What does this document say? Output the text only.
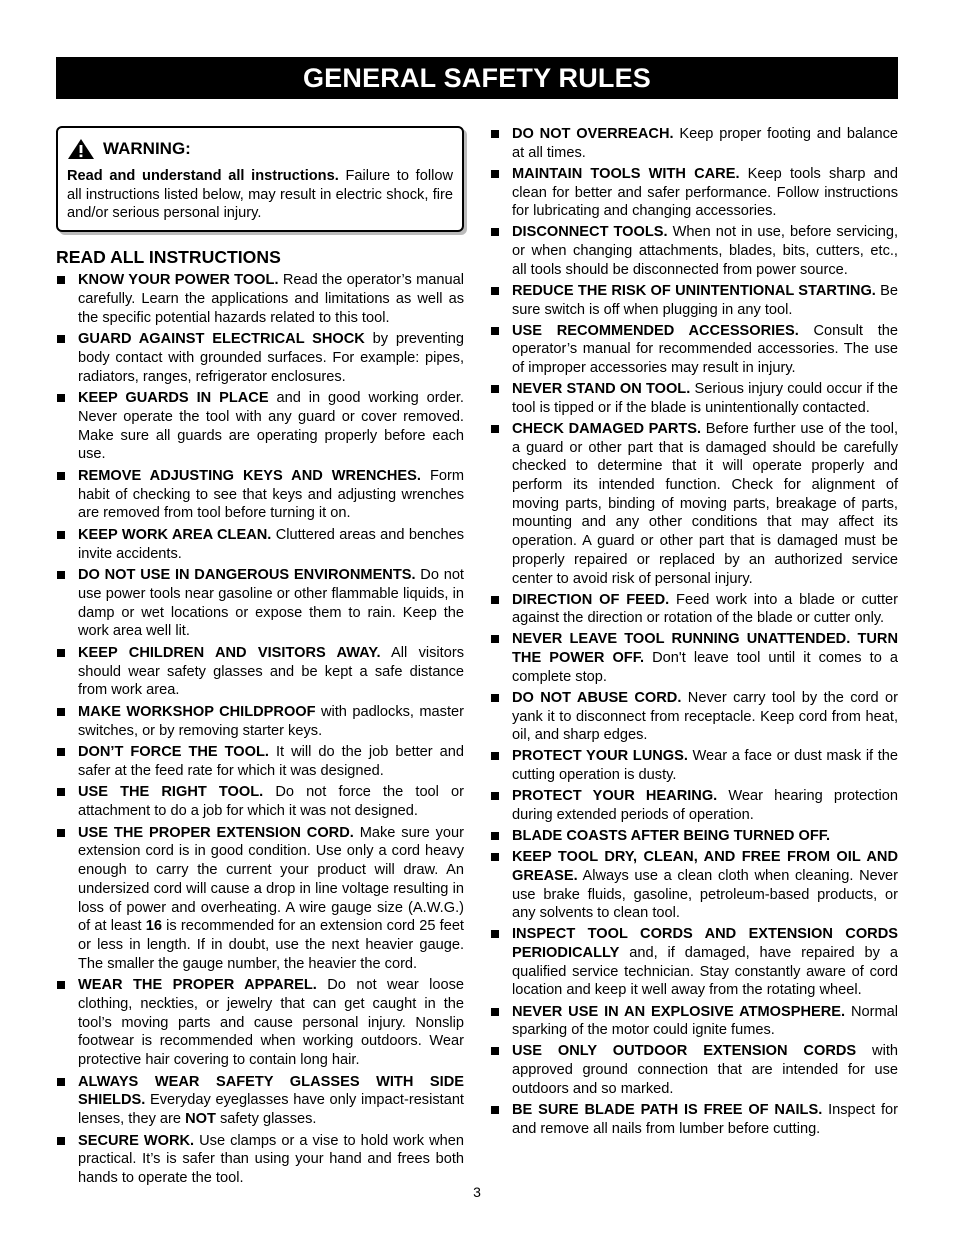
GENERAL SAFETY RULES
WARNING:
Read and understand all instructions. Failure to follow all instructions listed below, may result in electric shock, fire and/or serious personal injury.
READ ALL INSTRUCTIONS
KNOW YOUR POWER TOOL. Read the operator’s manual carefully. Learn the applications and limitations as well as the specific potential hazards related to this tool.
GUARD AGAINST ELECTRICAL SHOCK by preventing body contact with grounded surfaces. For example: pipes, radiators, ranges, refrigerator enclosures.
KEEP GUARDS IN PLACE and in good working order. Never operate the tool with any guard or cover removed. Make sure all guards are operating properly before each use.
REMOVE ADJUSTING KEYS AND WRENCHES. Form habit of checking to see that keys and adjusting wrenches are removed from tool before turning it on.
KEEP WORK AREA CLEAN. Cluttered areas and benches invite accidents.
DO NOT USE IN DANGEROUS ENVIRONMENTS. Do not use power tools near gasoline or other flammable liquids, in damp or wet locations or expose them to rain. Keep the work area well lit.
KEEP CHILDREN AND VISITORS AWAY. All visitors should wear safety glasses and be kept a safe distance from work area.
MAKE WORKSHOP CHILDPROOF with padlocks, master switches, or by removing starter keys.
DON’T FORCE THE TOOL. It will do the job better and safer at the feed rate for which it was designed.
USE THE RIGHT TOOL. Do not force the tool or attachment to do a job for which it was not designed.
USE THE PROPER EXTENSION CORD. Make sure your extension cord is in good condition. Use only a cord heavy enough to carry the current your product will draw. An undersized cord will cause a drop in line voltage resulting in loss of power and overheating. A wire gauge size (A.W.G.) of at least 16 is recommended for an extension cord 25 feet or less in length. If in doubt, use the next heavier gauge. The smaller the gauge number, the heavier the cord.
WEAR THE PROPER APPAREL. Do not wear loose clothing, neckties, or jewelry that can get caught in the tool’s moving parts and cause personal injury. Nonslip footwear is recommended when working outdoors. Wear protective hair covering to contain long hair.
ALWAYS WEAR SAFETY GLASSES WITH SIDE SHIELDS. Everyday eyeglasses have only impact-resistant lenses, they are NOT safety glasses.
SECURE WORK. Use clamps or a vise to hold work when practical. It’s is safer than using your hand and frees both hands to operate the tool.
DO NOT OVERREACH. Keep proper footing and balance at all times.
MAINTAIN TOOLS WITH CARE. Keep tools sharp and clean for better and safer performance. Follow instructions for lubricating and changing accessories.
DISCONNECT TOOLS. When not in use, before servicing, or when changing attachments, blades, bits, cutters, etc., all tools should be disconnected from power source.
REDUCE THE RISK OF UNINTENTIONAL STARTING. Be sure switch is off when plugging in any tool.
USE RECOMMENDED ACCESSORIES. Consult the operator’s manual for recommended accessories. The use of improper accessories may result in injury.
NEVER STAND ON TOOL. Serious injury could occur if the tool is tipped or if the blade is unintentionally contacted.
CHECK DAMAGED PARTS. Before further use of the tool, a guard or other part that is damaged should be carefully checked to determine that it will operate properly and perform its intended function. Check for alignment of moving parts, binding of moving parts, breakage of parts, mounting and any other conditions that may affect its operation. A guard or other part that is damaged must be properly repaired or replaced by an authorized service center to avoid risk of personal injury.
DIRECTION OF FEED. Feed work into a blade or cutter against the direction or rotation of the blade or cutter only.
NEVER LEAVE TOOL RUNNING UNATTENDED. TURN THE POWER OFF. Don't leave tool until it comes to a complete stop.
DO NOT ABUSE CORD. Never carry tool by the cord or yank it to disconnect from receptacle. Keep cord from heat, oil, and sharp edges.
PROTECT YOUR LUNGS. Wear a face or dust mask if the cutting operation is dusty.
PROTECT YOUR HEARING. Wear hearing protection during extended periods of operation.
BLADE COASTS AFTER BEING TURNED OFF.
KEEP TOOL DRY, CLEAN, AND FREE FROM OIL AND GREASE. Always use a clean cloth when cleaning. Never use brake fluids, gasoline, petroleum-based products, or any solvents to clean tool.
INSPECT TOOL CORDS AND EXTENSION CORDS PERIODICALLY and, if damaged, have repaired by a qualified service technician. Stay constantly aware of cord location and keep it well away from the rotating wheel.
NEVER USE IN AN EXPLOSIVE ATMOSPHERE. Normal sparking of the motor could ignite fumes.
USE ONLY OUTDOOR EXTENSION CORDS with approved ground connection that are intended for use outdoors and so marked.
BE SURE BLADE PATH IS FREE OF NAILS. Inspect for and remove all nails from lumber before cutting.
3
